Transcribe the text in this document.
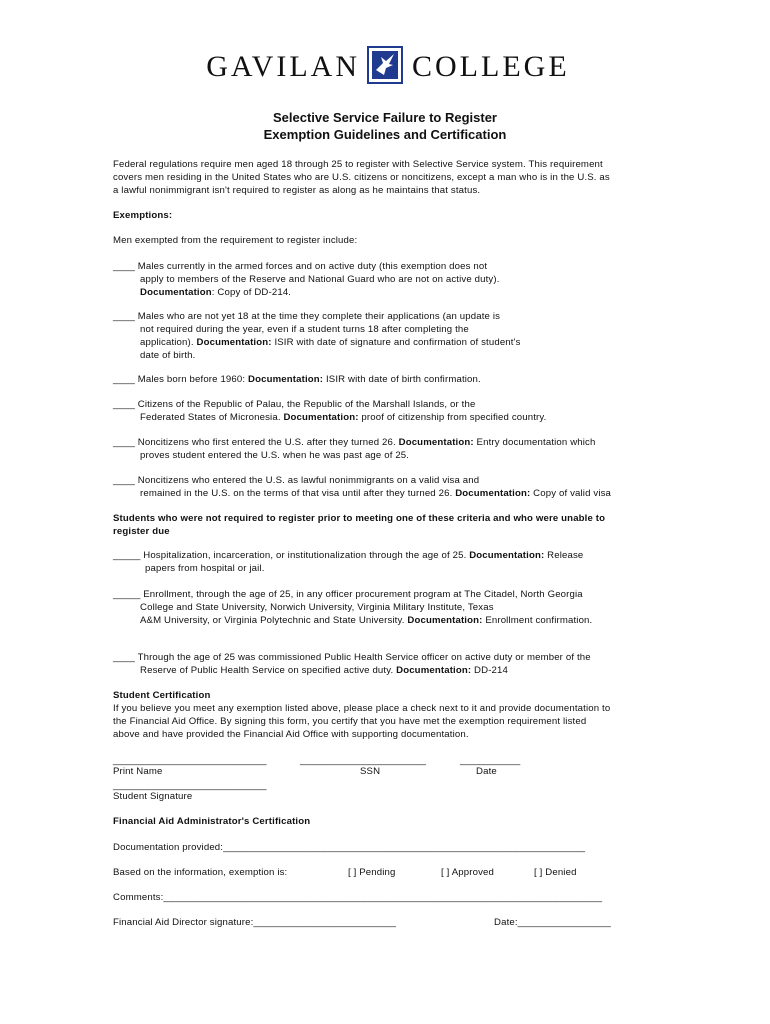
GAVILAN COLLEGE
Selective Service Failure to Register
Exemption Guidelines and Certification
Federal regulations require men aged 18 through 25 to register with Selective Service system. This requirement
covers men residing in the United States who are U.S. citizens or noncitizens, except a man who is in the U.S. as
a lawful nonimmigrant isn't required to register as along as he maintains that status.
Exemptions:
Men exempted from the requirement to register include:
____ Males currently in the armed forces and on active duty (this exemption does not
apply to members of the Reserve and National Guard who are not on active duty).
Documentation: Copy of DD-214.
____ Males who are not yet 18 at the time they complete their applications (an update is
not required during the year, even if a student turns 18 after completing the
application). Documentation: ISIR with date of signature and confirmation of student's
date of birth.
____ Males born before 1960: Documentation: ISIR with date of birth confirmation.
____ Citizens of the Republic of Palau, the Republic of the Marshall Islands, or the
Federated States of Micronesia. Documentation: proof of citizenship from specified country.
____ Noncitizens who first entered the U.S. after they turned 26. Documentation: Entry documentation which
proves student entered the U.S. when he was past age of 25.
____ Noncitizens who entered the U.S. as lawful nonimmigrants on a valid visa and
remained in the U.S. on the terms of that visa until after they turned 26. Documentation: Copy of valid visa
Students who were not required to register prior to meeting one of these criteria and who were unable to
register due
_____ Hospitalization, incarceration, or institutionalization through the age of 25. Documentation: Release
papers from hospital or jail.
_____ Enrollment, through the age of 25, in any officer procurement program at The Citadel, North Georgia
College and State University, Norwich University, Virginia Military Institute, Texas
A&M University, or Virginia Polytechnic and State University. Documentation: Enrollment confirmation.
____ Through the age of 25 was commissioned Public Health Service officer on active duty or member of the
Reserve of Public Health Service on specified active duty. Documentation: DD-214
Student Certification
If you believe you meet any exemption listed above, please place a check next to it and provide documentation to
the Financial Aid Office. By signing this form, you certify that you have met the exemption requirement listed
above and have provided the Financial Aid Office with supporting documentation.
____________________________	_______________________	___________
Print Name	SSN	Date
____________________________
Student Signature
Financial Aid Administrator's Certification
Documentation provided:__________________________________________________________________
Based on the information, exemption is:	[ ] Pending	[ ] Approved	[ ] Denied
Comments:________________________________________________________________________________
Financial Aid Director signature:__________________________	Date:_________________
